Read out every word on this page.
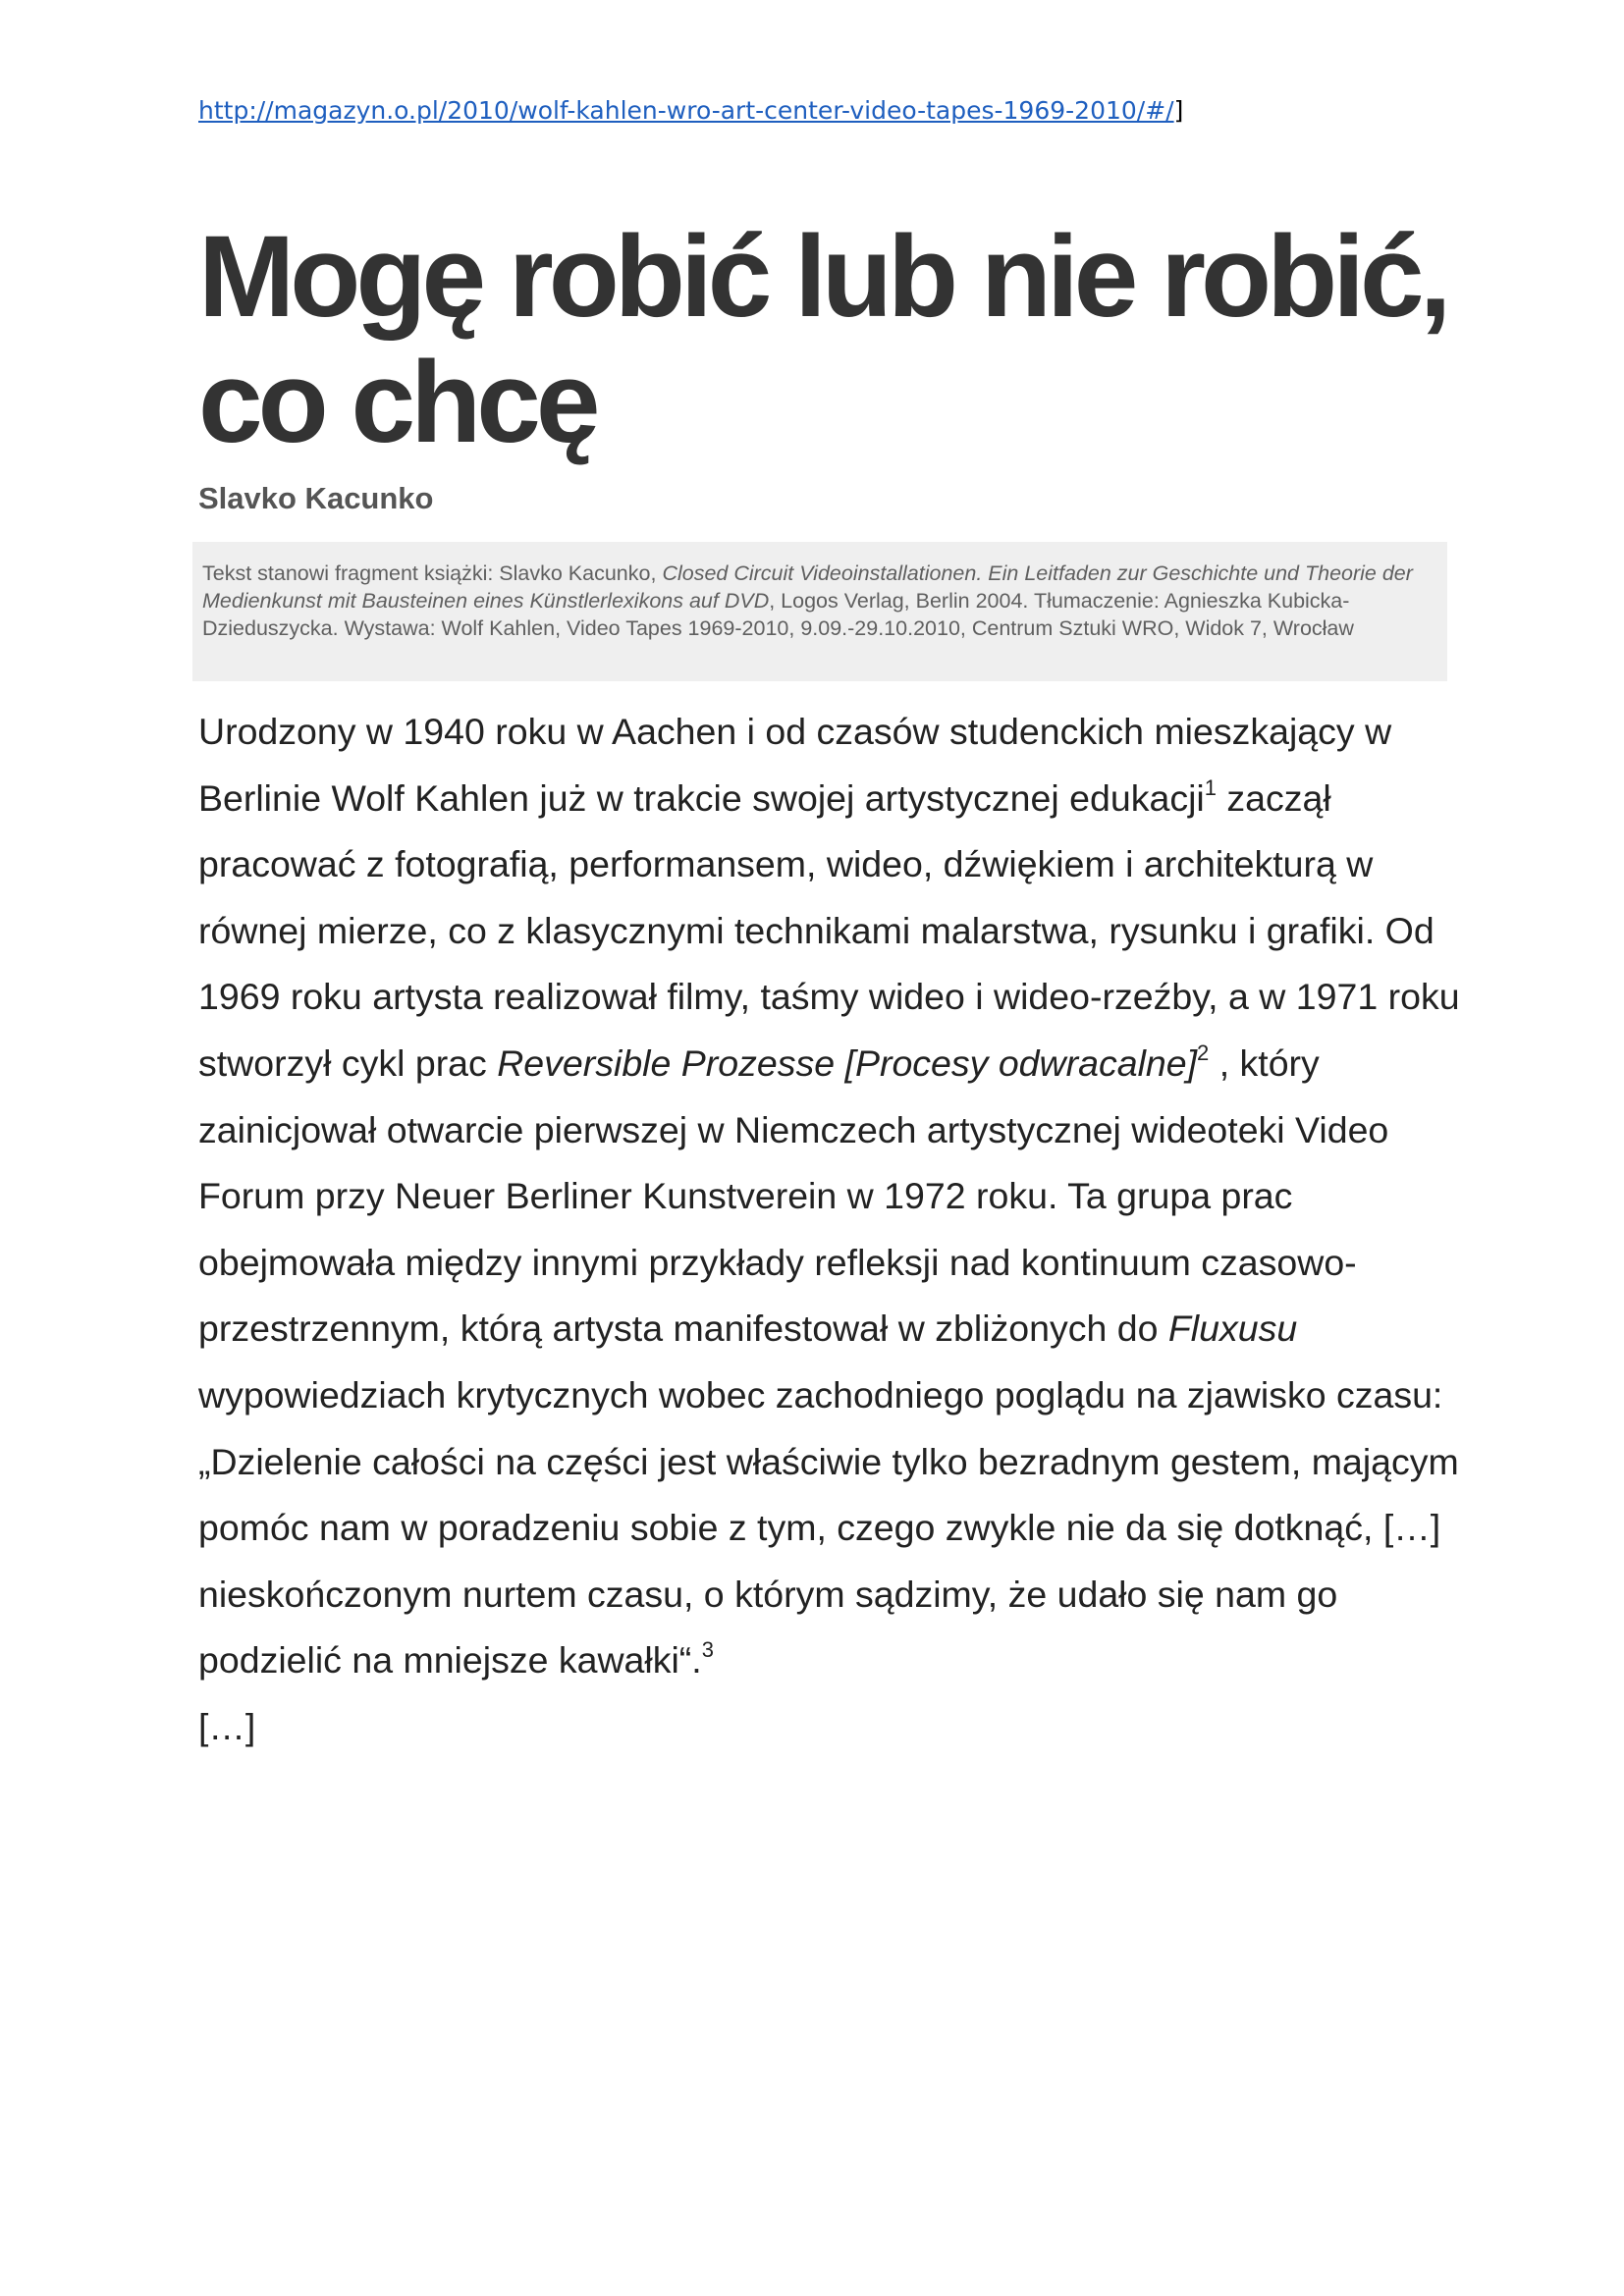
http://magazyn.o.pl/2010/wolf-kahlen-wro-art-center-video-tapes-1969-2010/#/]
Mogę robić lub nie robić,
co chcę
Slavko Kacunko
Tekst stanowi fragment książki: Slavko Kacunko, Closed Circuit Videoinstallationen. Ein Leitfaden zur Geschichte und Theorie der Medienkunst mit Bausteinen eines Künstlerlexikons auf DVD, Logos Verlag, Berlin 2004. Tłumaczenie: Agnieszka Kubicka-Dzieduszycka. Wystawa: Wolf Kahlen, Video Tapes 1969-2010, 9.09.-29.10.2010, Centrum Sztuki WRO, Widok 7, Wrocław
Urodzony w 1940 roku w Aachen i od czasów studenckich mieszkający w Berlinie Wolf Kahlen już w trakcie swojej artystycznej edukacji$^1$ zaczął pracować z fotografią, performansem, wideo, dźwiękiem i architekturą w równej mierze, co z klasycznymi technikami malarstwa, rysunku i grafiki. Od 1969 roku artysta realizował filmy, taśmy wideo i wideo-rzeźby, a w 1971 roku stworzył cykl prac Reversible Prozesse [Procesy odwracalne]$^2$ , który zainicjował otwarcie pierwszej w Niemczech artystycznej wideoteki Video Forum przy Neuer Berliner Kunstverein w 1972 roku. Ta grupa prac obejmowała między innymi przykłady refleksji nad kontinuum czasowo-przestrzennym, którą artysta manifestował w zbliżonych do Fluxusu wypowiedziach krytycznych wobec zachodniego poglądu na zjawisko czasu: „Dzielenie całości na części jest właściwie tylko bezradnym gestem, mającym pomóc nam w poradzeniu sobie z tym, czego zwykle nie da się dotknąć, […] nieskończonym nurtem czasu, o którym sądzimy, że udało się nam go podzielić na mniejsze kawałki“.$^3$
[…]
